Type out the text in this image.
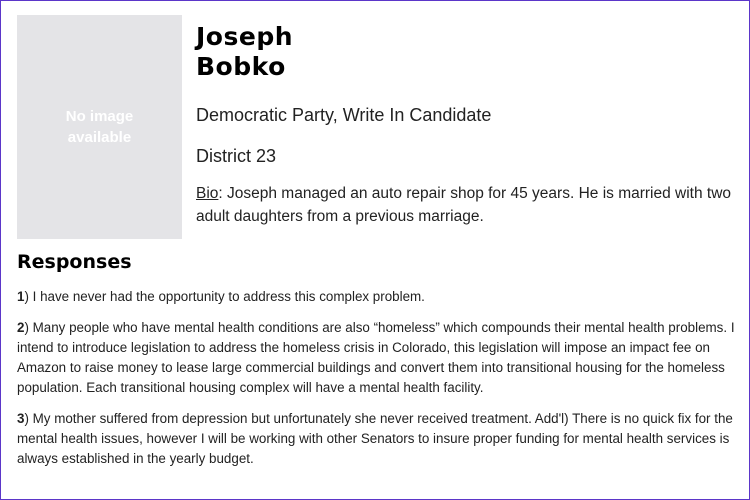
No image available
Joseph
Bobko
Democratic Party, Write In Candidate
District 23
Bio: Joseph managed an auto repair shop for 45 years. He is married with two adult daughters from a previous marriage.
Responses

1) I have never had the opportunity to address this complex problem.

2) Many people who have mental health conditions are also “homeless” which compounds their mental health problems. I intend to introduce legislation to address the homeless crisis in Colorado, this legislation will impose an impact fee on Amazon to raise money to lease large commercial buildings and convert them into transitional housing for the homeless population. Each transitional housing complex will have a mental health facility.

3) My mother suffered from depression but unfortunately she never received treatment. Add'l) There is no quick fix for the mental health issues, however I will be working with other Senators to insure proper funding for mental health services is always established in the yearly budget.
